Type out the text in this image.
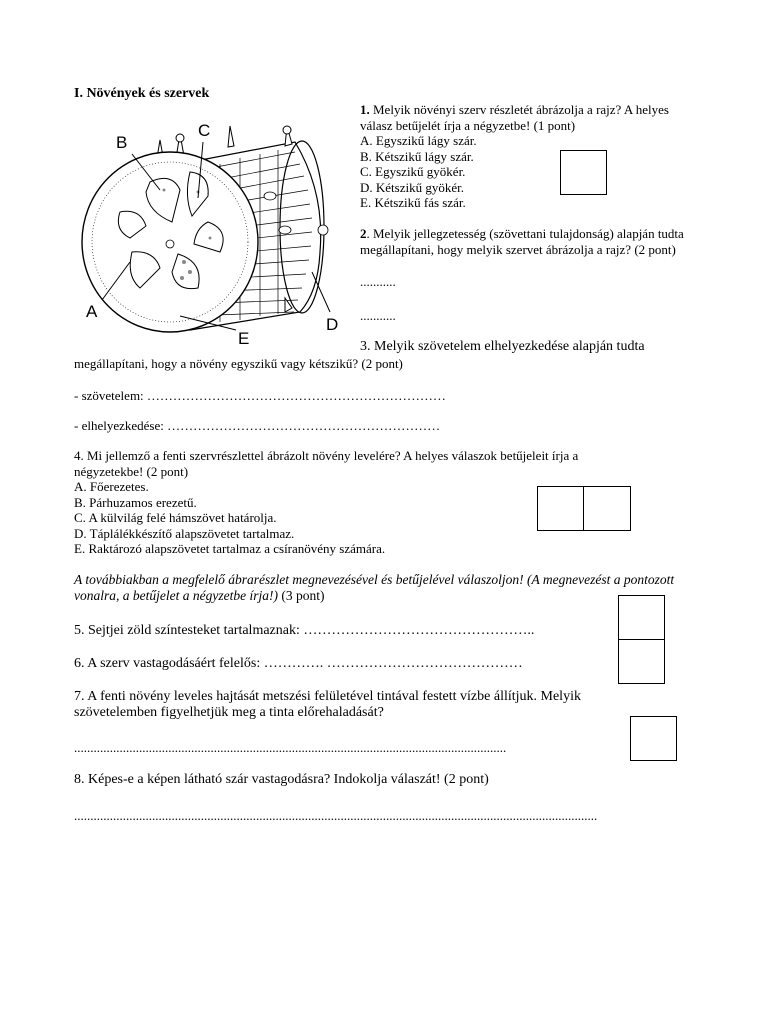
I. Növények és szervek
B
C
A
D
E
1. Melyik növényi szerv részletét ábrázolja a rajz? A helyes válasz betűjelét írja a négyzetbe! (1 pont)
A. Egyszikű lágy szár.
B. Kétszikű lágy szár.
C. Egyszikű gyökér.
D. Kétszikű gyökér.
E. Kétszikű fás szár.
2. Melyik jellegzetesség (szövettani tulajdonság) alapján tudta megállapítani, hogy melyik szervet ábrázolja a rajz? (2 pont)
...........
...........
3. Melyik szövetelem elhelyezkedése alapján tudta
megállapítani, hogy a növény egyszikű vagy kétszikű? (2 pont)
- szövetelem: ……………………………………………………………
- elhelyezkedése: ………………………………………………………
4. Mi jellemző a fenti szervrészlettel ábrázolt növény levelére? A helyes válaszok betűjeleit írja a négyzetekbe! (2 pont)
A. Főerezetes.
B. Párhuzamos erezetű.
C. A külvilág felé hámszövet határolja.
D. Táplálékkészítő alapszövetet tartalmaz.
E. Raktározó alapszövetet tartalmaz a csíranövény számára.
A továbbiakban a megfelelő ábrarészlet megnevezésével és betűjelével válaszoljon! (A megnevezést a pontozott vonalra, a betűjelet a négyzetbe írja!) (3 pont)
5. Sejtjei zöld színtesteket tartalmaznak: …………………………………………..
6. A szerv vastagodásáért felelős: …………. ……………………………………
7. A fenti növény leveles hajtását metszési felületével tintával festett vízbe állítjuk. Melyik szövetelemben figyelhetjük meg a tinta előrehaladását?
.....................................................................................................................................
8. Képes-e a képen látható szár vastagodásra? Indokolja válaszát! (2 pont)
.................................................................................................................................................................
